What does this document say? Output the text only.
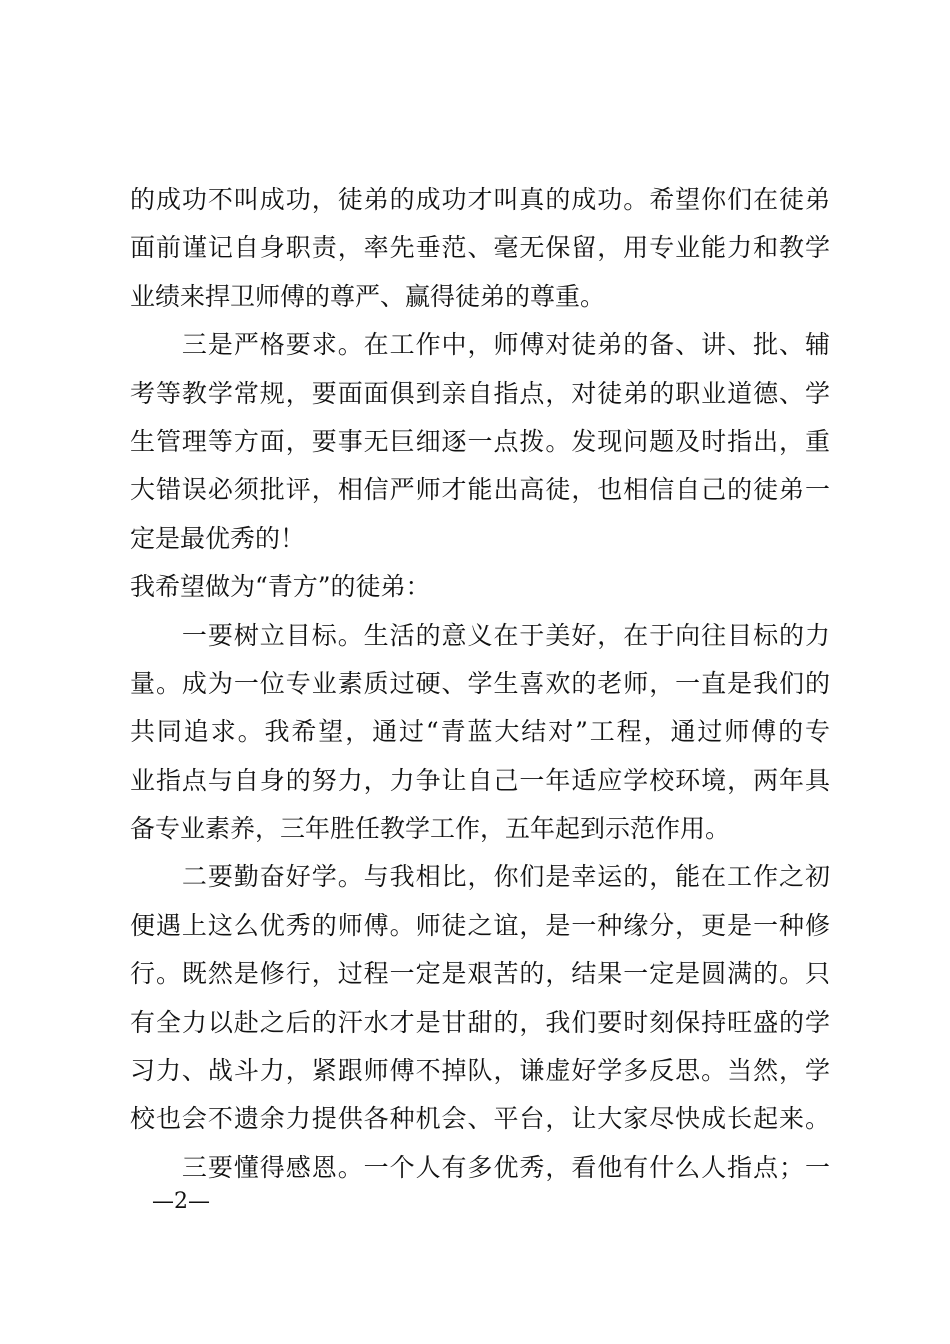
的成功不叫成功，徒弟的成功才叫真的成功。希望你们在徒弟
面前谨记自身职责，率先垂范、毫无保留，用专业能力和教学
业绩来捍卫师傅的尊严、赢得徒弟的尊重。
　　三是严格要求。在工作中，师傅对徒弟的备、讲、批、辅
考等教学常规，要面面俱到亲自指点，对徒弟的职业道德、学
生管理等方面，要事无巨细逐一点拨。发现问题及时指出，重
大错误必须批评，相信严师才能出高徒，也相信自己的徒弟一
定是最优秀的！
我希望做为“青方”的徒弟：
　　一要树立目标。生活的意义在于美好，在于向往目标的力
量。成为一位专业素质过硬、学生喜欢的老师，一直是我们的
共同追求。我希望，通过“青蓝大结对”工程，通过师傅的专
业指点与自身的努力，力争让自己一年适应学校环境，两年具
备专业素养，三年胜任教学工作，五年起到示范作用。
　　二要勤奋好学。与我相比，你们是幸运的，能在工作之初
便遇上这么优秀的师傅。师徒之谊，是一种缘分，更是一种修
行。既然是修行，过程一定是艰苦的，结果一定是圆满的。只
有全力以赴之后的汗水才是甘甜的，我们要时刻保持旺盛的学
习力、战斗力，紧跟师傅不掉队，谦虚好学多反思。当然，学
校也会不遗余力提供各种机会、平台，让大家尽快成长起来。
　　三要懂得感恩。一个人有多优秀，看他有什么人指点；一
—2—
